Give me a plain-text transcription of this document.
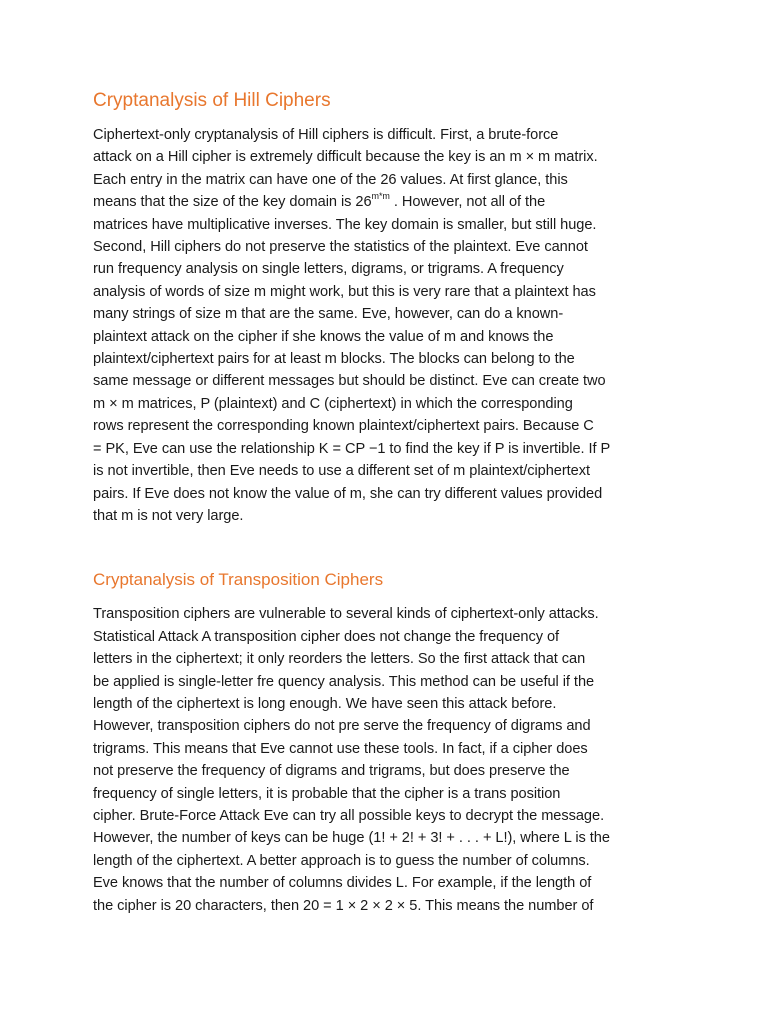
Cryptanalysis of Hill Ciphers

Ciphertext-only cryptanalysis of Hill ciphers is difficult. First, a brute-force
attack on a Hill cipher is extremely difficult because the key is an m × m matrix.
Each entry in the matrix can have one of the 26 values. At first glance, this
means that the size of the key domain is $26^{m*m}$ . However, not all of the
matrices have multiplicative inverses. The key domain is smaller, but still huge.
Second, Hill ciphers do not preserve the statistics of the plaintext. Eve cannot
run frequency analysis on single letters, digrams, or trigrams. A frequency
analysis of words of size m might work, but this is very rare that a plaintext has
many strings of size m that are the same. Eve, however, can do a known-
plaintext attack on the cipher if she knows the value of m and knows the
plaintext/ciphertext pairs for at least m blocks. The blocks can belong to the
same message or different messages but should be distinct. Eve can create two
m × m matrices, P (plaintext) and C (ciphertext) in which the corresponding
rows represent the corresponding known plaintext/ciphertext pairs. Because C
= PK, Eve can use the relationship K = CP −1 to find the key if P is invertible. If P
is not invertible, then Eve needs to use a different set of m plaintext/ciphertext
pairs. If Eve does not know the value of m, she can try different values provided
that m is not very large.

Cryptanalysis of Transposition Ciphers

Transposition ciphers are vulnerable to several kinds of ciphertext-only attacks.
Statistical Attack A transposition cipher does not change the frequency of
letters in the ciphertext; it only reorders the letters. So the first attack that can
be applied is single-letter fre quency analysis. This method can be useful if the
length of the ciphertext is long enough. We have seen this attack before.
However, transposition ciphers do not pre serve the frequency of digrams and
trigrams. This means that Eve cannot use these tools. In fact, if a cipher does
not preserve the frequency of digrams and trigrams, but does preserve the
frequency of single letters, it is probable that the cipher is a trans position
cipher. Brute-Force Attack Eve can try all possible keys to decrypt the message.
However, the number of keys can be huge (1! + 2! + 3! + . . . + L!), where L is the
length of the ciphertext. A better approach is to guess the number of columns.
Eve knows that the number of columns divides L. For example, if the length of
the cipher is 20 characters, then 20 = 1 × 2 × 2 × 5. This means the number of
